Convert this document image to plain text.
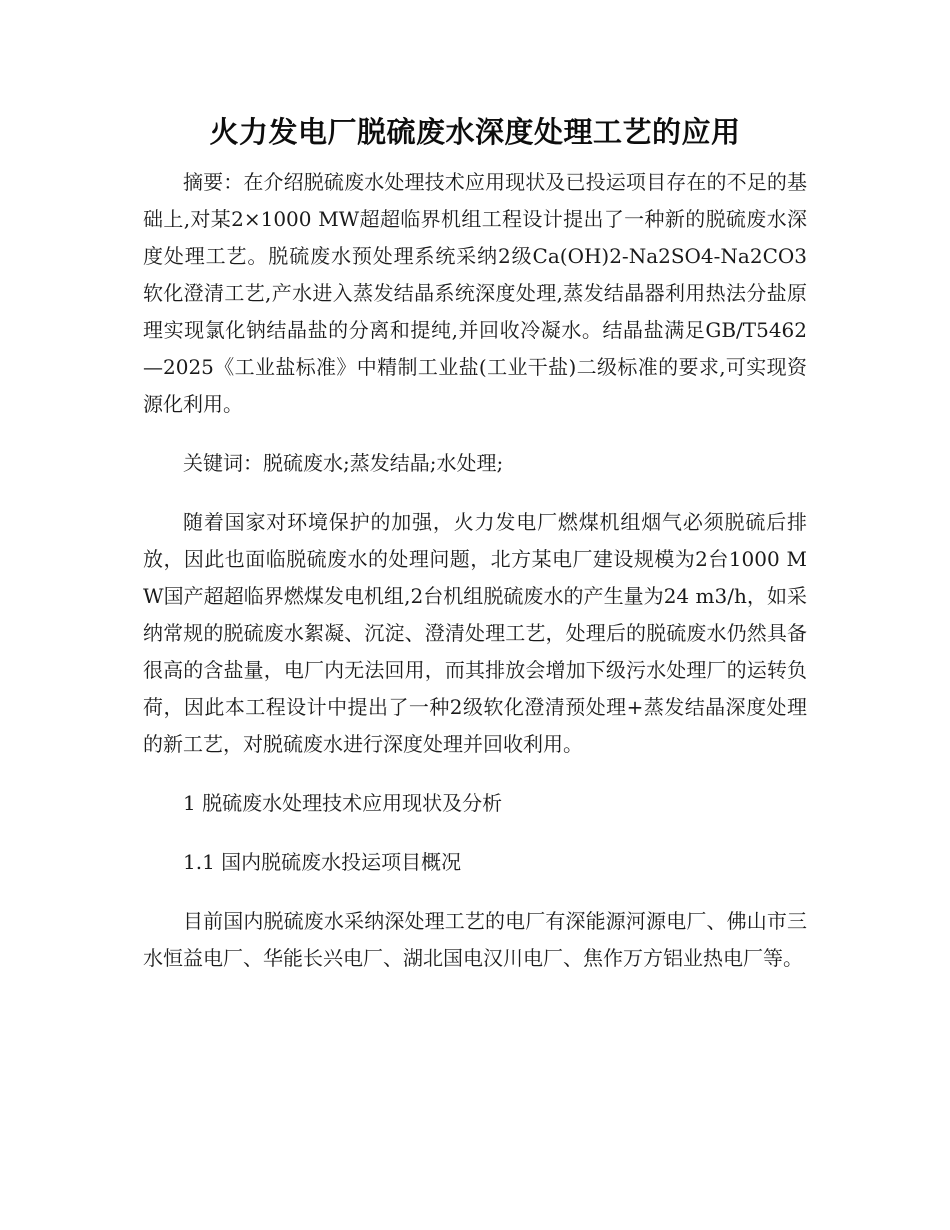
火力发电厂脱硫废水深度处理工艺的应用

摘要：在介绍脱硫废水处理技术应用现状及已投运项目存在的不足的基础上,对某2×1000 MW超超临界机组工程设计提出了一种新的脱硫废水深度处理工艺。脱硫废水预处理系统采纳2级Ca(OH)2-Na2SO4-Na2CO3软化澄清工艺,产水进入蒸发结晶系统深度处理,蒸发结晶器利用热法分盐原理实现氯化钠结晶盐的分离和提纯,并回收冷凝水。结晶盐满足GB/T5462—2025《工业盐标准》中精制工业盐(工业干盐)二级标准的要求,可实现资源化利用。

关键词：脱硫废水;蒸发结晶;水处理;

随着国家对环境保护的加强，火力发电厂燃煤机组烟气必须脱硫后排放，因此也面临脱硫废水的处理问题，北方某电厂建设规模为2台1000 MW国产超超临界燃煤发电机组,2台机组脱硫废水的产生量为24 m3/h，如采纳常规的脱硫废水絮凝、沉淀、澄清处理工艺，处理后的脱硫废水仍然具备很高的含盐量，电厂内无法回用，而其排放会增加下级污水处理厂的运转负荷，因此本工程设计中提出了一种2级软化澄清预处理+蒸发结晶深度处理的新工艺，对脱硫废水进行深度处理并回收利用。

1 脱硫废水处理技术应用现状及分析

1.1 国内脱硫废水投运项目概况

目前国内脱硫废水采纳深处理工艺的电厂有深能源河源电厂、佛山市三水恒益电厂、华能长兴电厂、湖北国电汉川电厂、焦作万方铝业热电厂等。
